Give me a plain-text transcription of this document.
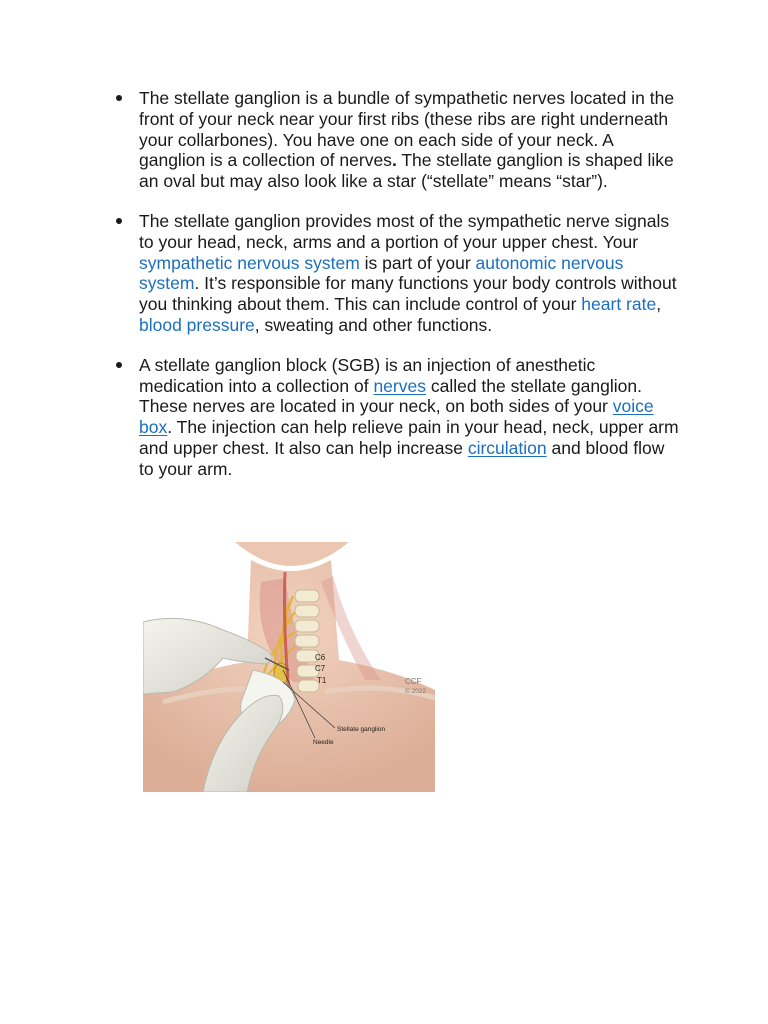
The stellate ganglion is a bundle of sympathetic nerves located in the front of your neck near your first ribs (these ribs are right underneath your collarbones). You have one on each side of your neck. A ganglion is a collection of nerves. The stellate ganglion is shaped like an oval but may also look like a star (“stellate” means “star”).
The stellate ganglion provides most of the sympathetic nerve signals to your head, neck, arms and a portion of your upper chest. Your sympathetic nervous system is part of your autonomic nervous system. It’s responsible for many functions your body controls without you thinking about them. This can include control of your heart rate, blood pressure, sweating and other functions.
A stellate ganglion block (SGB) is an injection of anesthetic medication into a collection of nerves called the stellate ganglion. These nerves are located in your neck, on both sides of your voice box. The injection can help relieve pain in your head, neck, upper arm and upper chest. It also can help increase circulation and blood flow to your arm.
C6
C7
T1
Stellate ganglion
Needle
CCF
© 2022
